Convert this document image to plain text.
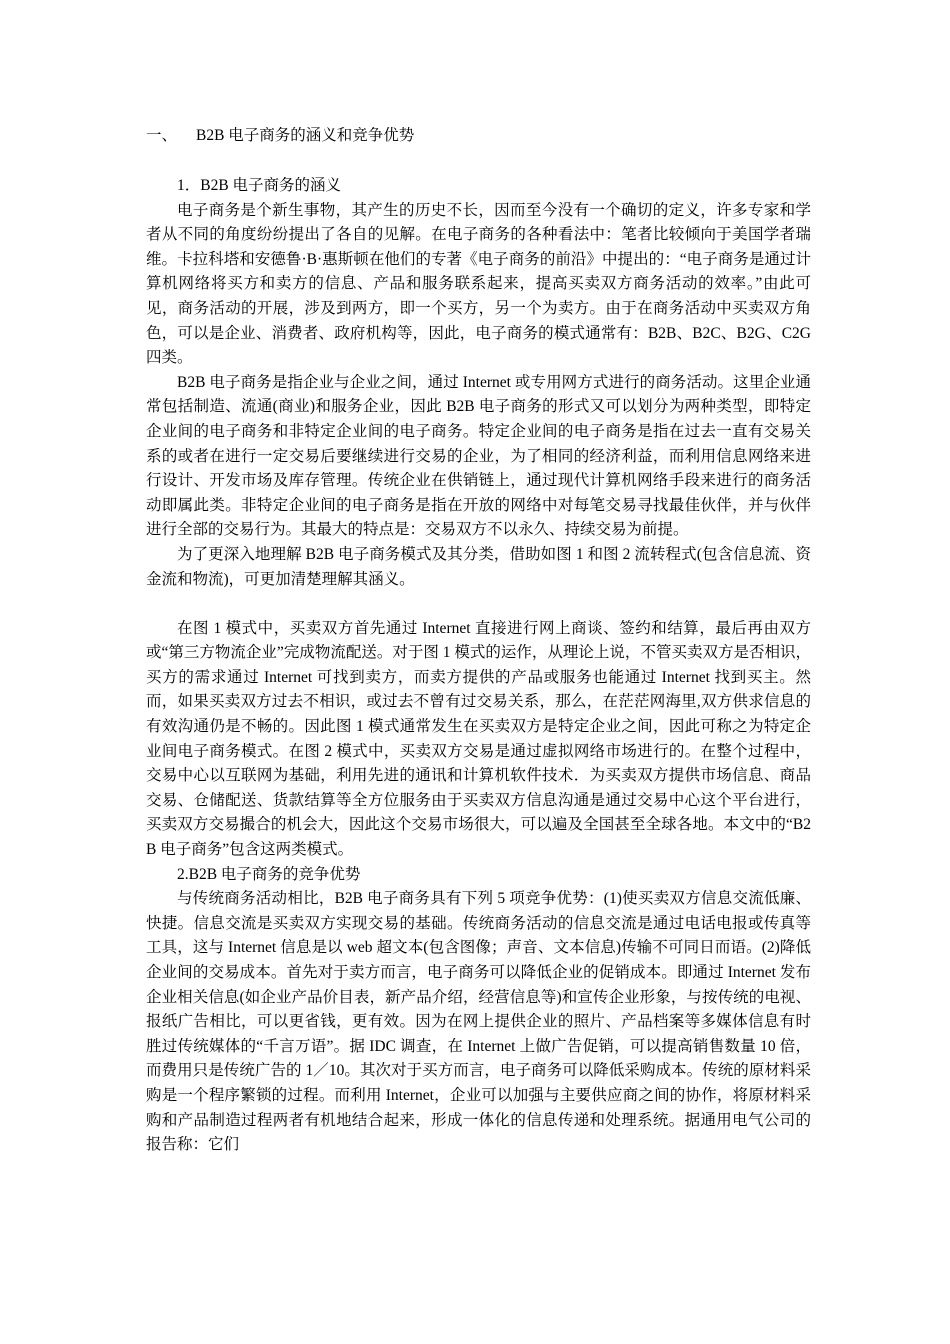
一、	B2B 电子商务的涵义和竞争优势

1．B2B 电子商务的涵义

电子商务是个新生事物，其产生的历史不长，因而至今没有一个确切的定义，许多专家和学者从不同的角度纷纷提出了各自的见解。在电子商务的各种看法中：笔者比较倾向于美国学者瑞维。卡拉科塔和安德鲁·B·惠斯顿在他们的专著《电子商务的前沿》中提出的：“电子商务是通过计算机网络将买方和卖方的信息、产品和服务联系起来，提高买卖双方商务活动的效率。”由此可见，商务活动的开展，涉及到两方，即一个买方，另一个为卖方。由于在商务活动中买卖双方角色，可以是企业、消费者、政府机构等，因此，电子商务的模式通常有：B2B、B2C、B2G、C2G 四类。

B2B 电子商务是指企业与企业之间，通过 Internet 或专用网方式进行的商务活动。这里企业通常包括制造、流通(商业)和服务企业，因此 B2B 电子商务的形式又可以划分为两种类型，即特定企业间的电子商务和非特定企业间的电子商务。特定企业间的电子商务是指在过去一直有交易关系的或者在进行一定交易后要继续进行交易的企业，为了相同的经济利益，而利用信息网络来进行设计、开发市场及库存管理。传统企业在供销链上，通过现代计算机网络手段来进行的商务活动即属此类。非特定企业间的电子商务是指在开放的网络中对每笔交易寻找最佳伙伴，并与伙伴进行全部的交易行为。其最大的特点是：交易双方不以永久、持续交易为前提。

为了更深入地理解 B2B 电子商务模式及其分类，借助如图 1 和图 2 流转程式(包含信息流、资金流和物流)，可更加清楚理解其涵义。

在图 1 模式中，买卖双方首先通过 Internet 直接进行网上商谈、签约和结算，最后再由双方或“第三方物流企业”完成物流配送。对于图 1 模式的运作，从理论上说，不管买卖双方是否相识，买方的需求通过 Internet 可找到卖方，而卖方提供的产品或服务也能通过 Internet 找到买主。然而，如果买卖双方过去不相识，或过去不曾有过交易关系，那么，在茫茫网海里,双方供求信息的有效沟通仍是不畅的。因此图 1 模式通常发生在买卖双方是特定企业之间，因此可称之为特定企业间电子商务模式。在图 2 模式中，买卖双方交易是通过虚拟网络市场进行的。在整个过程中，交易中心以互联网为基础，利用先进的通讯和计算机软件技术．为买卖双方提供市场信息、商品交易、仓储配送、货款结算等全方位服务由于买卖双方信息沟通是通过交易中心这个平台进行，买卖双方交易撮合的机会大，因此这个交易市场很大，可以遍及全国甚至全球各地。本文中的“B2B 电子商务”包含这两类模式。

2.B2B 电子商务的竞争优势

与传统商务活动相比，B2B 电子商务具有下列 5 项竞争优势：(1)使买卖双方信息交流低廉、快捷。信息交流是买卖双方实现交易的基础。传统商务活动的信息交流是通过电话电报或传真等工具，这与 Internet 信息是以 web 超文本(包含图像；声音、文本信息)传输不可同日而语。(2)降低企业间的交易成本。首先对于卖方而言，电子商务可以降低企业的促销成本。即通过 Internet 发布企业相关信息(如企业产品价目表，新产品介绍，经营信息等)和宣传企业形象，与按传统的电视、报纸广告相比，可以更省钱，更有效。因为在网上提供企业的照片、产品档案等多媒体信息有时胜过传统媒体的“千言万语”。据 IDC 调查，在 Internet 上做广告促销，可以提高销售数量 10 倍，而费用只是传统广告的 1／10。其次对于买方而言，电子商务可以降低采购成本。传统的原材料采购是一个程序繁锁的过程。而利用 Internet，企业可以加强与主要供应商之间的协作，将原材料采购和产品制造过程两者有机地结合起来，形成一体化的信息传递和处理系统。据通用电气公司的报告称：它们
